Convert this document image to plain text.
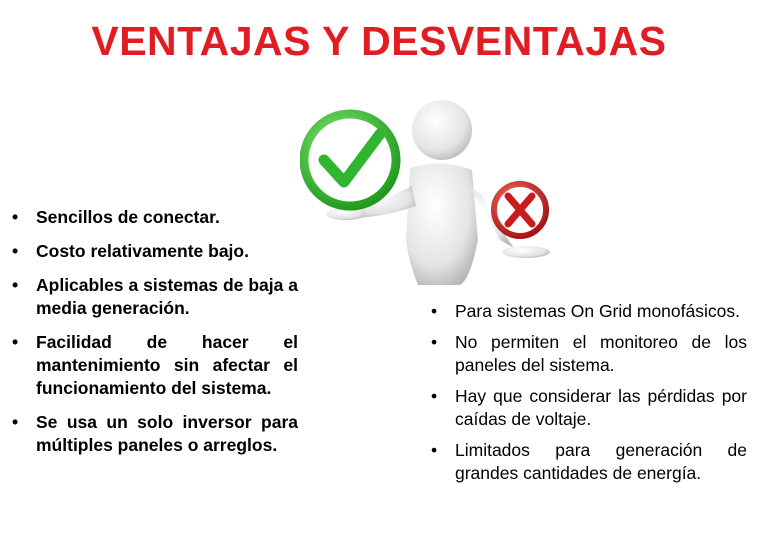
VENTAJAS Y DESVENTAJAS
• Sencillos de conectar.
• Costo relativamente bajo.
• Aplicables a sistemas de baja a media generación.
• Facilidad de hacer el mantenimiento sin afectar el funcionamiento del sistema.
• Se usa un solo inversor para múltiples paneles o arreglos.
• Para sistemas On Grid monofásicos.
• No permiten el monitoreo de los paneles del sistema.
• Hay que considerar las pérdidas por caídas de voltaje.
• Limitados para generación de grandes cantidades de energía.
